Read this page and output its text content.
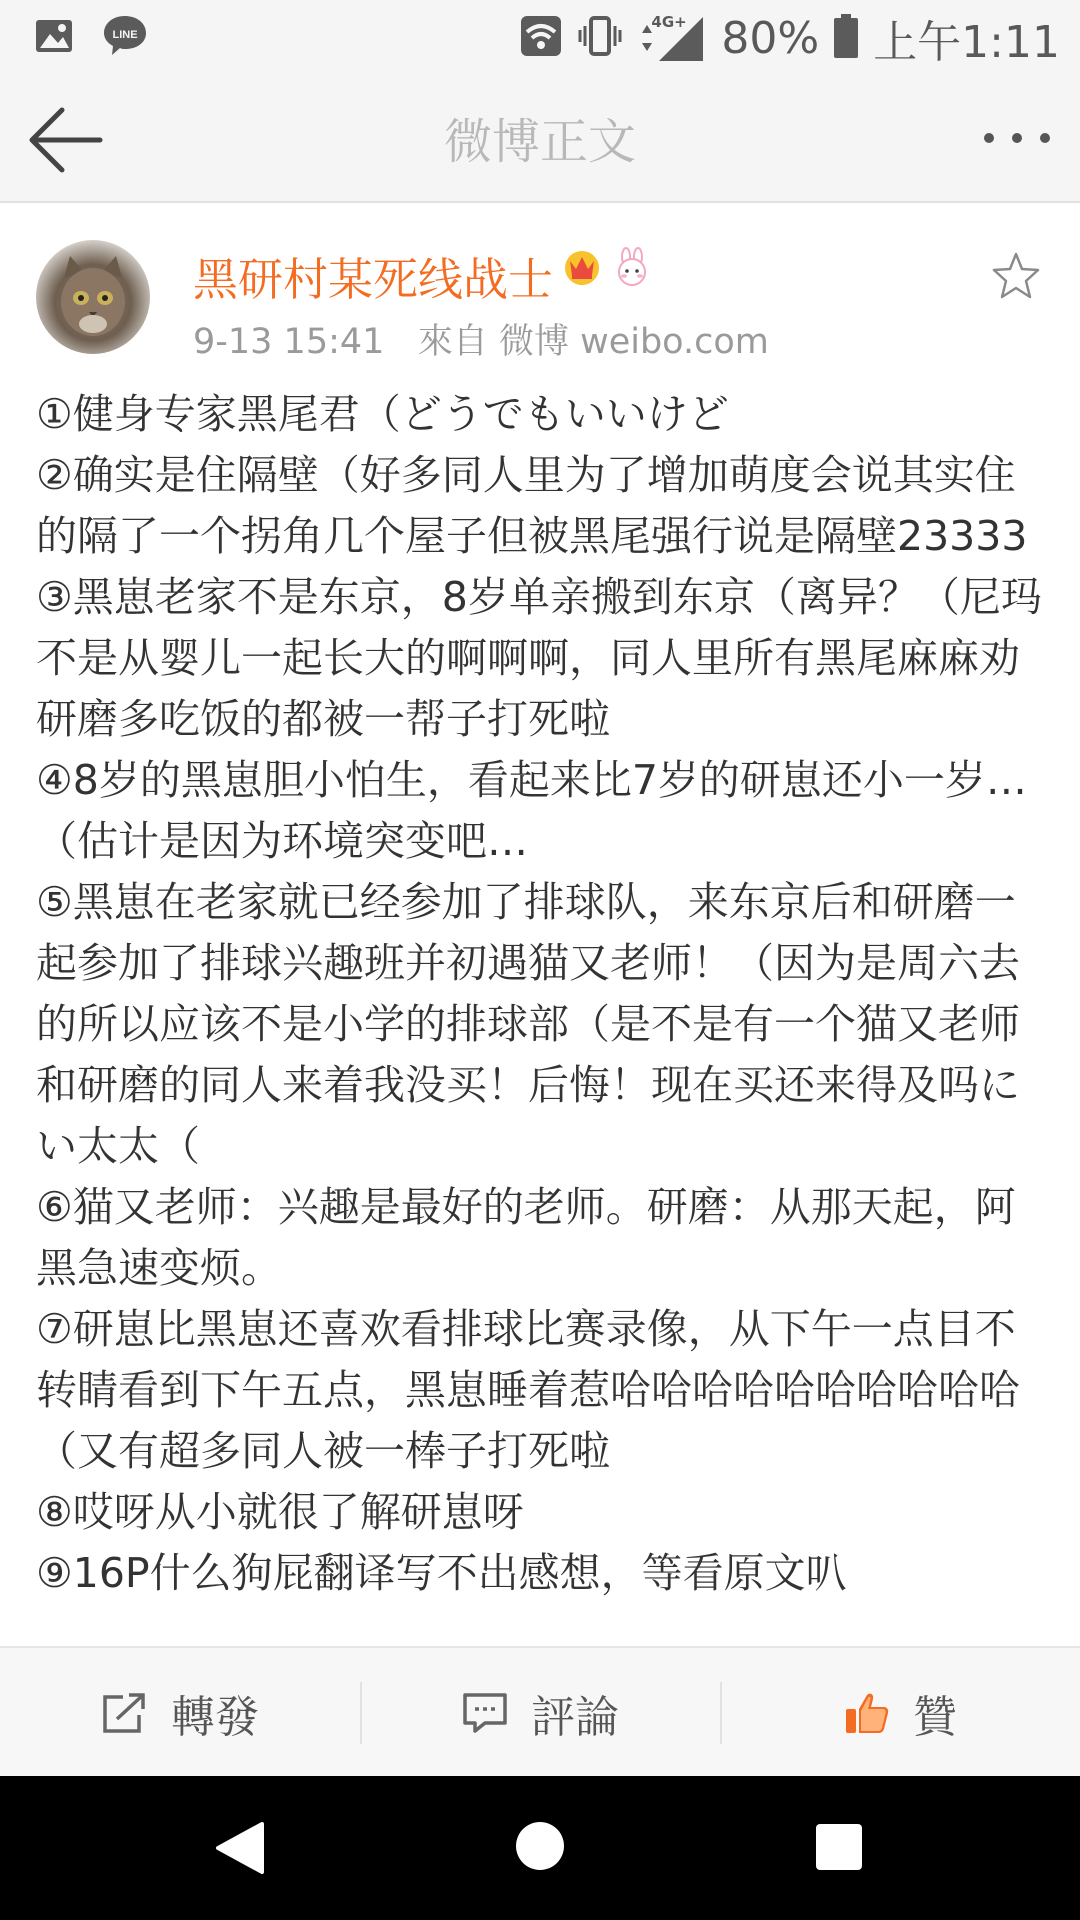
LINE
4G+ 80% 上午1:11
微博正文
黑研村某死线战士
9-13 15:41 來自 微博 weibo.com

①健身专家黑尾君（どうでもいいけど

②确实是住隔壁（好多同人里为了增加萌度会说其实住的隔了一个拐角几个屋子但被黑尾强行说是隔壁23333

③黑崽老家不是东京，8岁单亲搬到东京（离异？（尼玛不是从婴儿一起长大的啊啊啊，同人里所有黑尾麻麻劝研磨多吃饭的都被一帮子打死啦

④8岁的黑崽胆小怕生，看起来比7岁的研崽还小一岁…（估计是因为环境突变吧…

⑤黑崽在老家就已经参加了排球队，来东京后和研磨一起参加了排球兴趣班并初遇猫又老师！（因为是周六去的所以应该不是小学的排球部（是不是有一个猫又老师和研磨的同人来着我没买！后悔！现在买还来得及吗にい太太（

⑥猫又老师：兴趣是最好的老师。研磨：从那天起，阿黑急速变烦。

⑦研崽比黑崽还喜欢看排球比赛录像，从下午一点目不转睛看到下午五点，黑崽睡着惹哈哈哈哈哈哈哈哈哈哈（又有超多同人被一棒子打死啦

⑧哎呀从小就很了解研崽呀

⑨16P什么狗屁翻译写不出感想，等看原文叭

轉發	評論	贊
